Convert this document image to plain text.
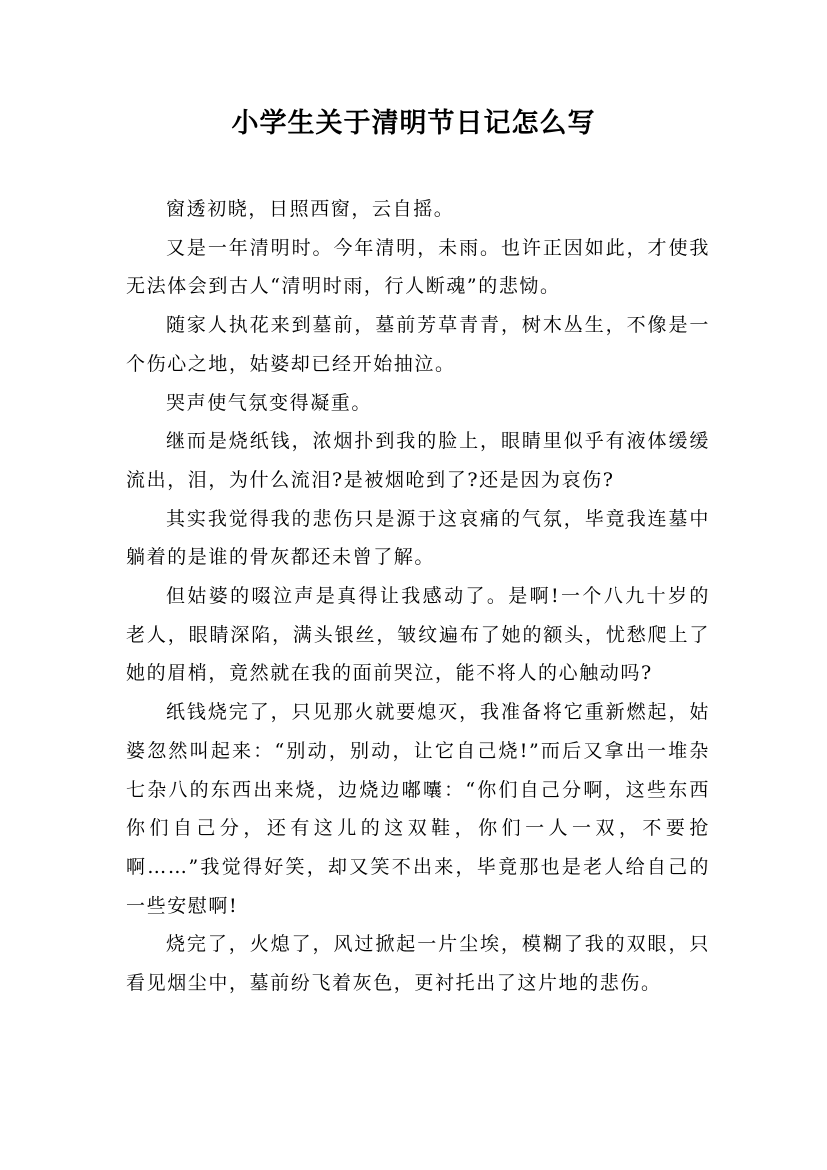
小学生关于清明节日记怎么写

窗透初晓，日照西窗，云自摇。

又是一年清明时。今年清明，未雨。也许正因如此，才使我无法体会到古人“清明时雨，行人断魂”的悲恸。

随家人执花来到墓前，墓前芳草青青，树木丛生，不像是一个伤心之地，姑婆却已经开始抽泣。

哭声使气氛变得凝重。

继而是烧纸钱，浓烟扑到我的脸上，眼睛里似乎有液体缓缓流出，泪，为什么流泪?是被烟呛到了?还是因为哀伤?

其实我觉得我的悲伤只是源于这哀痛的气氛，毕竟我连墓中躺着的是谁的骨灰都还未曾了解。

但姑婆的啜泣声是真得让我感动了。是啊!一个八九十岁的老人，眼睛深陷，满头银丝，皱纹遍布了她的额头，忧愁爬上了她的眉梢，竟然就在我的面前哭泣，能不将人的心触动吗?

纸钱烧完了，只见那火就要熄灭，我准备将它重新燃起，姑婆忽然叫起来：“别动，别动，让它自己烧!”而后又拿出一堆杂七杂八的东西出来烧，边烧边嘟囔：“你们自己分啊，这些东西你们自己分，还有这儿的这双鞋，你们一人一双，不要抢啊……”我觉得好笑，却又笑不出来，毕竟那也是老人给自己的一些安慰啊!

烧完了，火熄了，风过掀起一片尘埃，模糊了我的双眼，只看见烟尘中，墓前纷飞着灰色，更衬托出了这片地的悲伤。
